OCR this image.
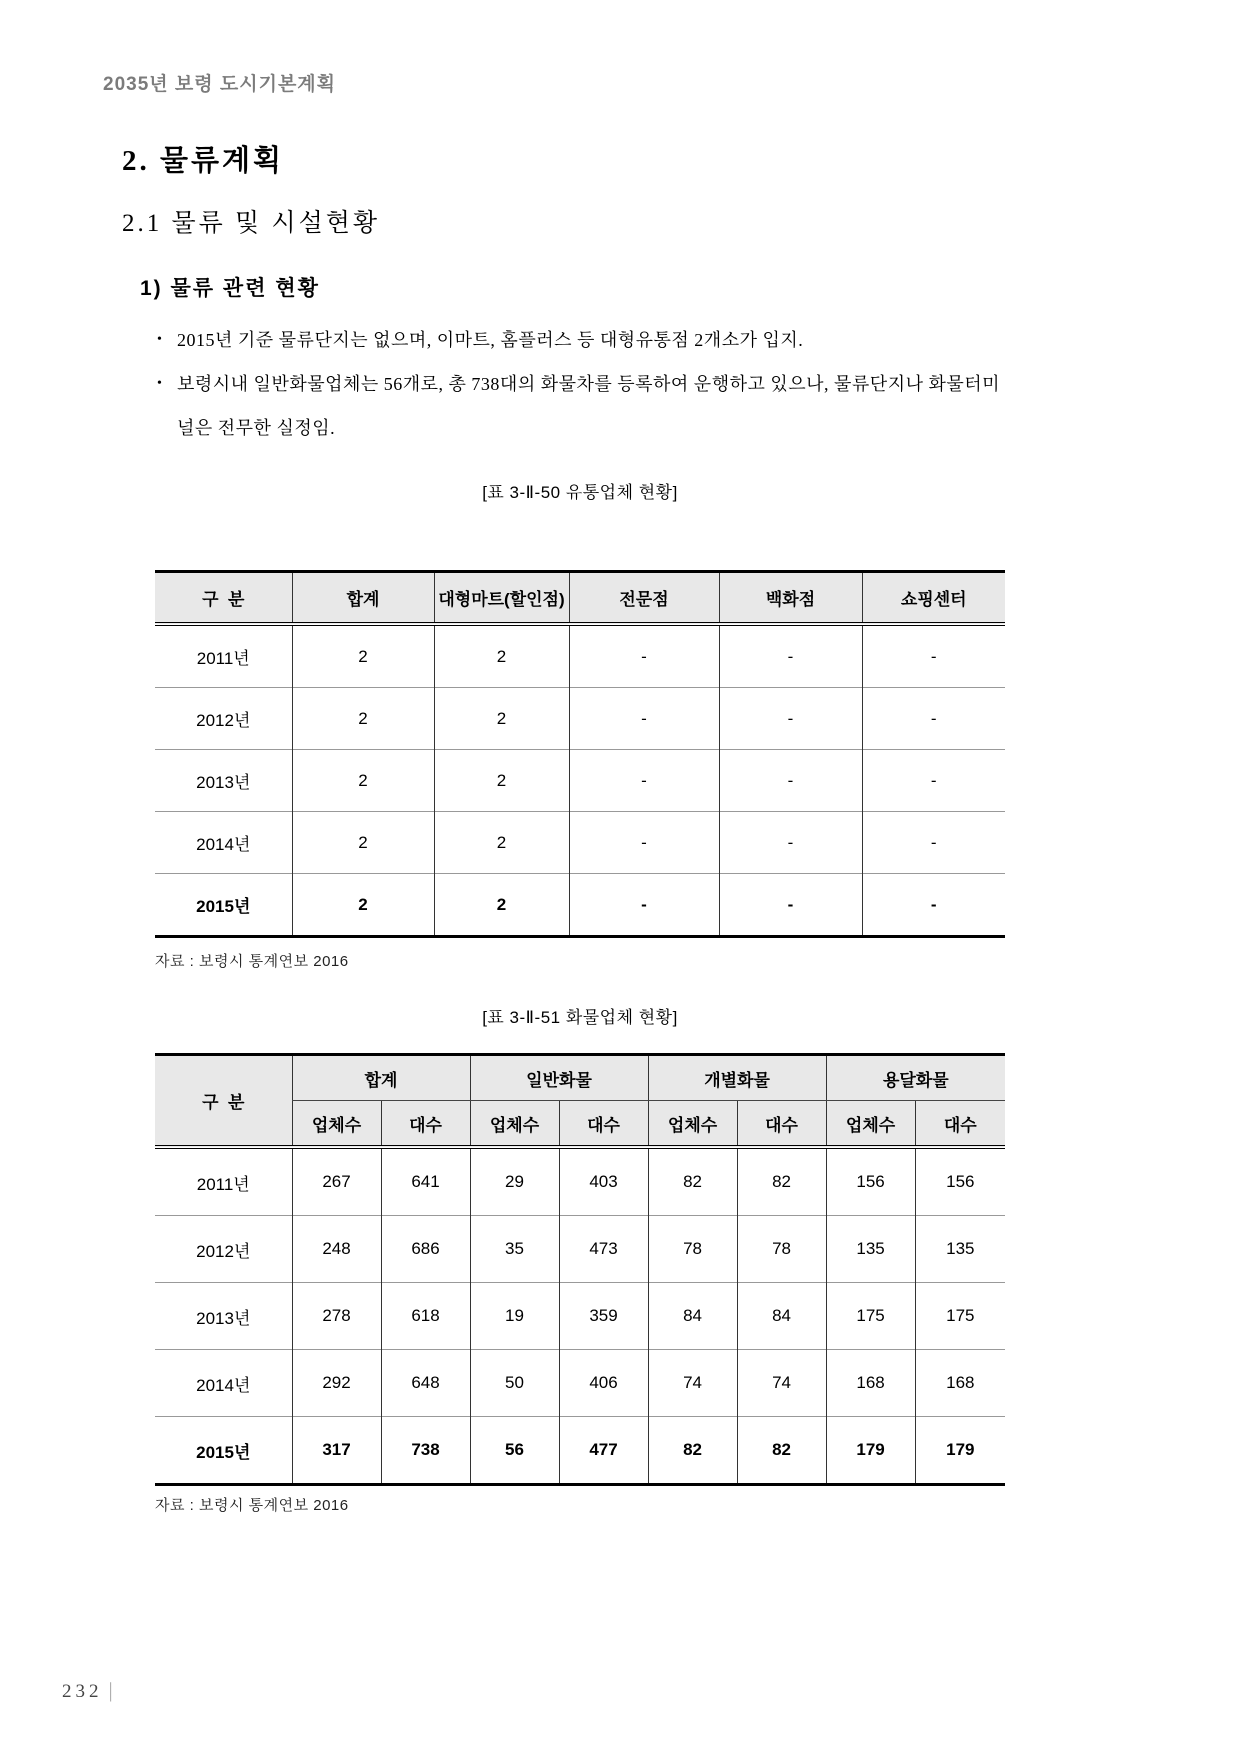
2035년 보령 도시기본계획
2. 물류계획
2.1 물류 및 시설현황
1) 물류 관련 현황
• 2015년 기준 물류단지는 없으며, 이마트, 홈플러스 등 대형유통점 2개소가 입지.
• 보령시내 일반화물업체는 56개로, 총 738대의 화물차를 등록하여 운행하고 있으나, 물류단지나 화물터미널은 전무한 실정임.
[표 3-Ⅱ-50 유통업체 현황]
구  분	합계	대형마트(할인점)	전문점	백화점	쇼핑센터
2011년	2	2	-	-	-
2012년	2	2	-	-	-
2013년	2	2	-	-	-
2014년	2	2	-	-	-
2015년	2	2	-	-	-
자료 : 보령시 통계연보 2016
[표 3-Ⅱ-51 화물업체 현황]
구  분	합계		일반화물		개별화물		용달화물	
	업체수	대수	업체수	대수	업체수	대수	업체수	대수
2011년	267	641	29	403	82	82	156	156
2012년	248	686	35	473	78	78	135	135
2013년	278	618	19	359	84	84	175	175
2014년	292	648	50	406	74	74	168	168
2015년	317	738	56	477	82	82	179	179
자료 : 보령시 통계연보 2016
232 |
